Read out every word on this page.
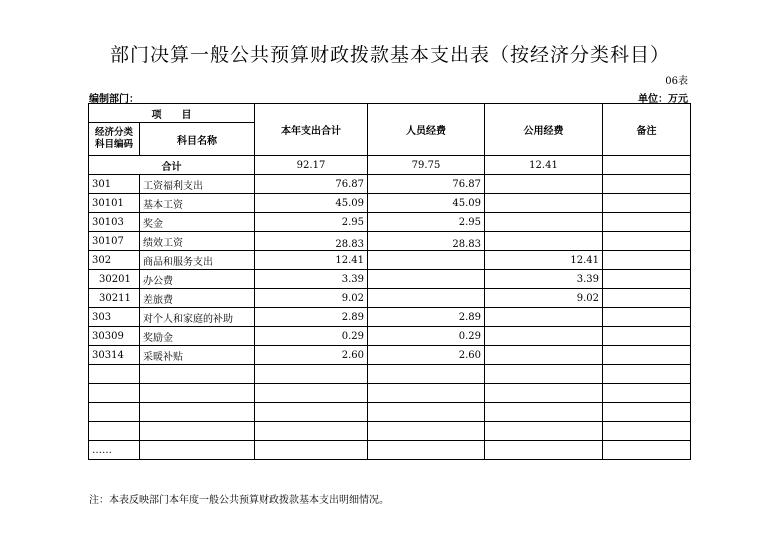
部门决算一般公共预算财政拨款基本支出表（按经济分类科目）
06表
编制部门：	单位：万元
项　　目		本年支出合计	人员经费	公用经费	备注
经济分类科目编码	科目名称				
合计		92.17	79.75	12.41	
301	工资福利支出	76.87	76.87		
30101	基本工资	45.09	45.09		
30103	奖金	2.95	2.95		
30107	绩效工资	28.83	28.83		
302	商品和服务支出	12.41		12.41	
30201	办公费	3.39		3.39	
30211	差旅费	9.02		9.02	
303	对个人和家庭的补助	2.89	2.89		
30309	奖励金	0.29	0.29		
30314	采暖补贴	2.60	2.60		

……					
注：本表反映部门本年度一般公共预算财政拨款基本支出明细情况。
